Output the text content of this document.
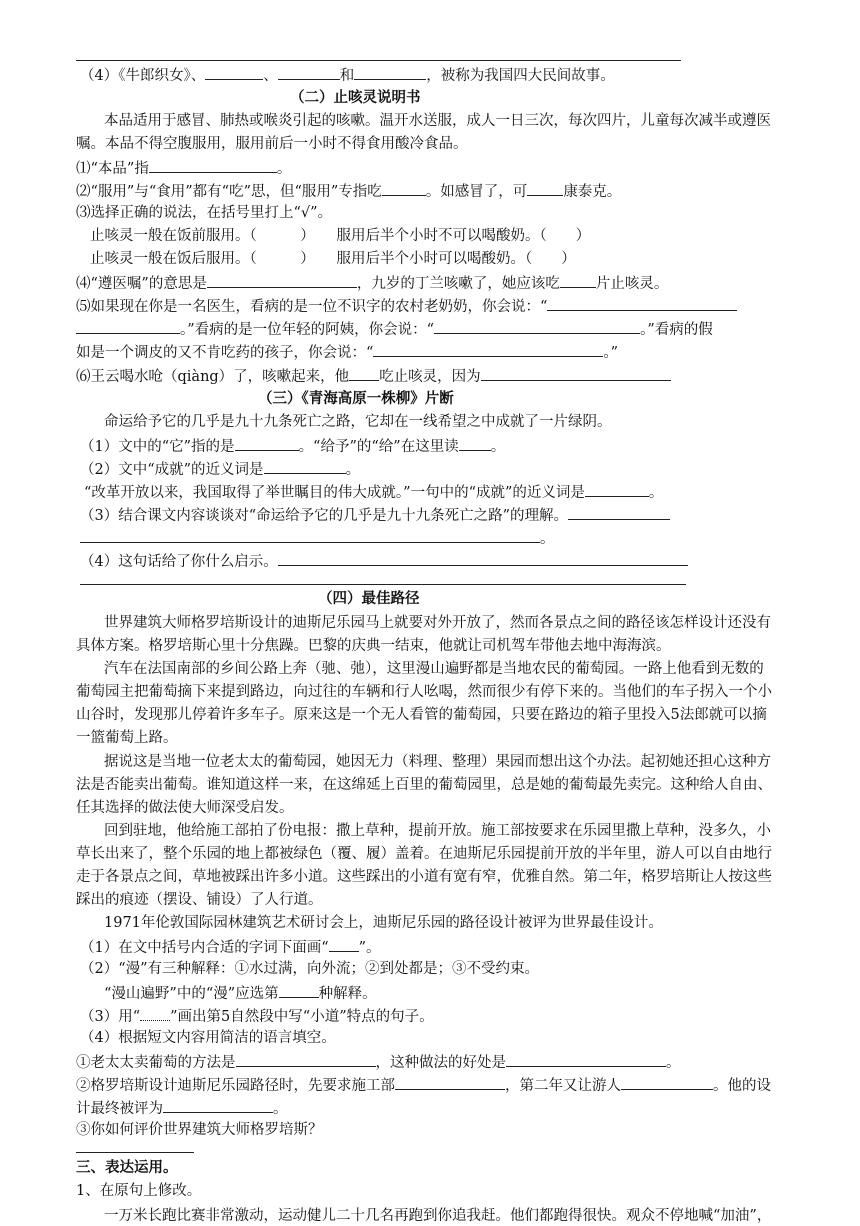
（4）《牛郎织女》、	、	和	，被称为我国四大民间故事。
（二）止咳灵说明书
本品适用于感冒、肺热或喉炎引起的咳嗽。温开水送服，成人一日三次，每次四片，儿童每次减半或遵医
嘱。本品不得空腹服用，服用前后一小时不得食用酸冷食品。
⑴“本品”指	。
⑵“服用”与“食用”都有“吃”思，但“服用”专指吃	。如感冒了，可 康泰克。
⑶选择正确的说法，在括号里打上“√”。
止咳灵一般在饭前服用。（　　　）　　服用后半个小时不可以喝酸奶。（　　）
止咳灵一般在饭后服用。（　　　）　　服用后半个小时可以喝酸奶。（　　）
⑷“遵医嘱”的意思是	，九岁的丁兰咳嗽了，她应该吃 片止咳灵。
⑸如果现在你是一名医生，看病的是一位不识字的农村老奶奶，你会说：“
。”看病的是一位年轻的阿姨，你会说：“	。”看病的假
如是一个调皮的又不肯吃药的孩子，你会说：“	。”
⑹王云喝水呛（qiàng）了，咳嗽起来，他 吃止咳灵，因为
（三）《青海高原一株柳》片断
命运给予它的几乎是九十九条死亡之路，它却在一线希望之中成就了一片绿阴。
（1）文中的“它”指的是	。“给予”的“给”在这里读 。
（2）文中“成就”的近义词是	。
“改革开放以来，我国取得了举世瞩目的伟大成就。”一句中的“成就”的近义词是	。
（3）结合课文内容谈谈对“命运给予它的几乎是九十九条死亡之路”的理解。
。
（4）这句话给了你什么启示。
（四）最佳路径
世界建筑大师格罗培斯设计的迪斯尼乐园马上就要对外开放了，然而各景点之间的路径该怎样设计还没有
具体方案。格罗培斯心里十分焦躁。巴黎的庆典一结束，他就让司机驾车带他去地中海海滨。
汽车在法国南部的乡间公路上奔（驰、弛），这里漫山遍野都是当地农民的葡萄园。一路上他看到无数的
葡萄园主把葡萄摘下来提到路边，向过往的车辆和行人吆喝，然而很少有停下来的。当他们的车子拐入一个小
山谷时，发现那儿停着许多车子。原来这是一个无人看管的葡萄园，只要在路边的箱子里投入5法郎就可以摘
一篮葡萄上路。
据说这是当地一位老太太的葡萄园，她因无力（料理、整理）果园而想出这个办法。起初她还担心这种方
法是否能卖出葡萄。谁知道这样一来，在这绵延上百里的葡萄园里，总是她的葡萄最先卖完。这种给人自由、
任其选择的做法使大师深受启发。
回到驻地，他给施工部拍了份电报：撒上草种，提前开放。施工部按要求在乐园里撒上草种，没多久，小
草长出来了，整个乐园的地上都被绿色（覆、履）盖着。在迪斯尼乐园提前开放的半年里，游人可以自由地行
走于各景点之间，草地被踩出许多小道。这些踩出的小道有宽有窄，优雅自然。第二年，格罗培斯让人按这些
踩出的痕迹（摆设、铺设）了人行道。
1971年伦敦国际园林建筑艺术研讨会上，迪斯尼乐园的路径设计被评为世界最佳设计。
（1）在文中括号内合适的字词下面画“ ”。
（2）“漫”有三种解释：①水过满，向外流；②到处都是；③不受约束。
“漫山遍野”中的“漫”应选第	种解释。
（3）用“ ”画出第5自然段中写“小道”特点的句子。
（4）根据短文内容用简洁的语言填空。
①老太太卖葡萄的方法是	，这种做法的好处是	。
②格罗培斯设计迪斯尼乐园路径时，先要求施工部	，第二年又让游人	。他的设
计最终被评为	。
③你如何评价世界建筑大师格罗培斯？
三、表达运用。
1、在原句上修改。
一万米长跑比赛非常激动，运动健儿二十几名再跑到你追我赶。他们都跑得很快。观众不停地喊“加油”，
